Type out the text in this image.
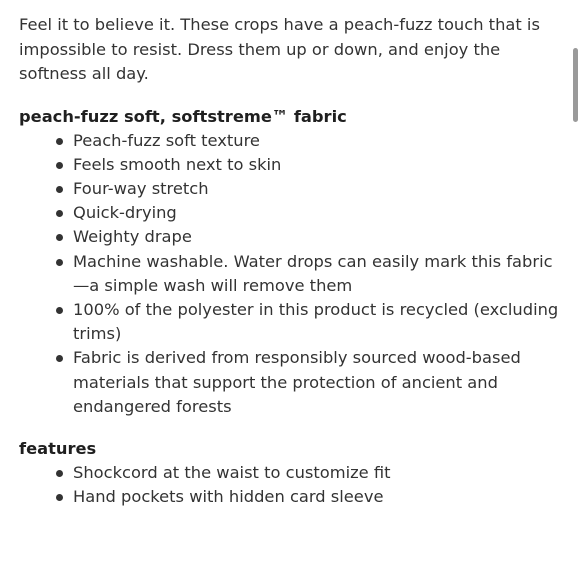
Feel it to believe it. These crops have a peach-fuzz touch that is impossible to resist. Dress them up or down, and enjoy the softness all day.

peach-fuzz soft, softstreme™ fabric
Peach-fuzz soft texture
Feels smooth next to skin
Four-way stretch
Quick-drying
Weighty drape
Machine washable. Water drops can easily mark this fabric—a simple wash will remove them
100% of the polyester in this product is recycled (excluding trims)
Fabric is derived from responsibly sourced wood-based materials that support the protection of ancient and endangered forests
features
Shockcord at the waist to customize fit
Hand pockets with hidden card sleeve
